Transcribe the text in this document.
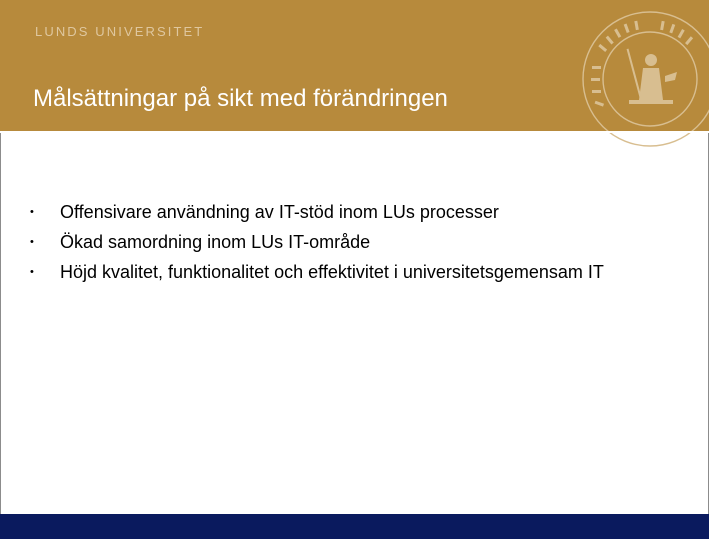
LUNDS UNIVERSITET
Målsättningar på sikt med förändringen
• Offensivare användning av IT-stöd inom LUs processer
• Ökad samordning inom LUs IT-område
• Höjd kvalitet, funktionalitet och effektivitet i universitetsgemensam IT
